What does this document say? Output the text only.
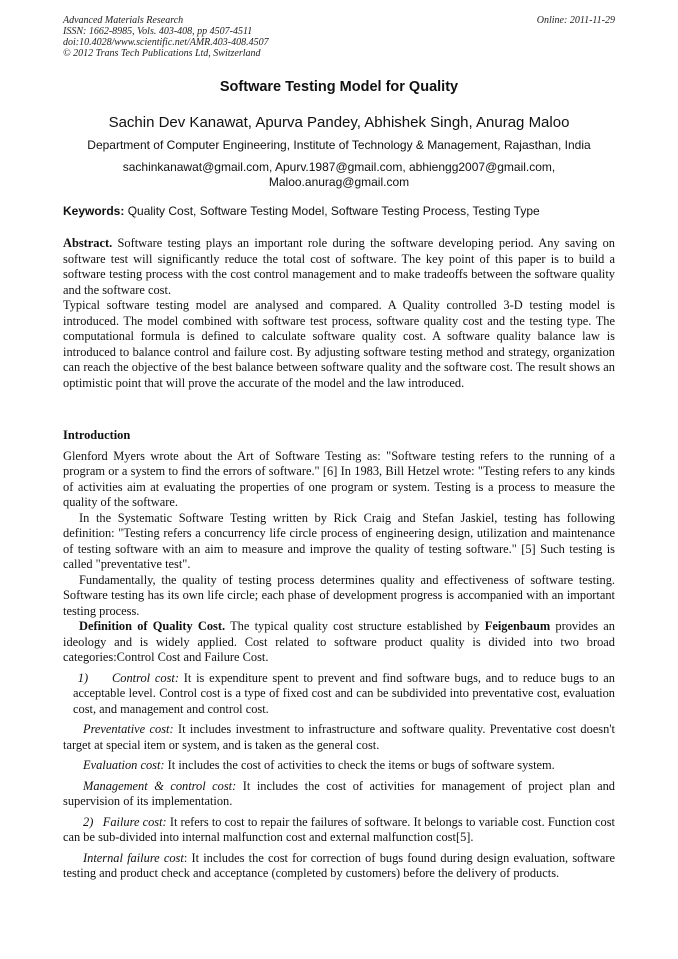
Advanced Materials Research
ISSN: 1662-8985, Vols. 403-408, pp 4507-4511
doi:10.4028/www.scientific.net/AMR.403-408.4507
© 2012 Trans Tech Publications Ltd, Switzerland
Online: 2011-11-29
Software Testing Model for Quality
Sachin Dev Kanawat, Apurva Pandey, Abhishek Singh, Anurag Maloo
Department of Computer Engineering, Institute of Technology & Management, Rajasthan, India
sachinkanawat@gmail.com, Apurv.1987@gmail.com, abhiengg2007@gmail.com,
Maloo.anurag@gmail.com
Keywords: Quality Cost, Software Testing Model, Software Testing Process, Testing Type

Abstract. Software testing plays an important role during the software developing period. Any saving on software test will significantly reduce the total cost of software. The key point of this paper is to build a software testing process with the cost control management and to make tradeoffs between the software quality and the software cost.

Typical software testing model are analysed and compared. A Quality controlled 3-D testing model is introduced. The model combined with software test process, software quality cost and the testing type. The computational formula is defined to calculate software quality cost. A software quality balance law is introduced to balance control and failure cost. By adjusting software testing method and strategy, organization can reach the objective of the best balance between software quality and the software cost. The result shows an optimistic point that will prove the accurate of the model and the law introduced.

Introduction

Glenford Myers wrote about the Art of Software Testing as: "Software testing refers to the running of a program or a system to find the errors of software." [6] In 1983, Bill Hetzel wrote: "Testing refers to any kinds of activities aim at evaluating the properties of one program or system. Testing is a process to measure the quality of the software.

In the Systematic Software Testing written by Rick Craig and Stefan Jaskiel, testing has following definition: "Testing refers a concurrency life circle process of engineering design, utilization and maintenance of testing software with an aim to measure and improve the quality of testing software." [5] Such testing is called "preventative test".

Fundamentally, the quality of testing process determines quality and effectiveness of software testing. Software testing has its own life circle; each phase of development progress is accompanied with an important testing process.

Definition of Quality Cost. The typical quality cost structure established by Feigenbaum provides an ideology and is widely applied. Cost related to software product quality is divided into two broad categories:Control Cost and Failure Cost.

1) Control cost: It is expenditure spent to prevent and find software bugs, and to reduce bugs to an acceptable level. Control cost is a type of fixed cost and can be subdivided into preventative cost, evaluation cost, and management and control cost.

Preventative cost: It includes investment to infrastructure and software quality. Preventative cost doesn't target at special item or system, and is taken as the general cost.

Evaluation cost: It includes the cost of activities to check the items or bugs of software system.

Management & control cost: It includes the cost of activities for management of project plan and supervision of its implementation.

2) Failure cost: It refers to cost to repair the failures of software. It belongs to variable cost. Function cost can be sub-divided into internal malfunction cost and external malfunction cost[5].

Internal failure cost: It includes the cost for correction of bugs found during design evaluation, software testing and product check and acceptance (completed by customers) before the delivery of products.
